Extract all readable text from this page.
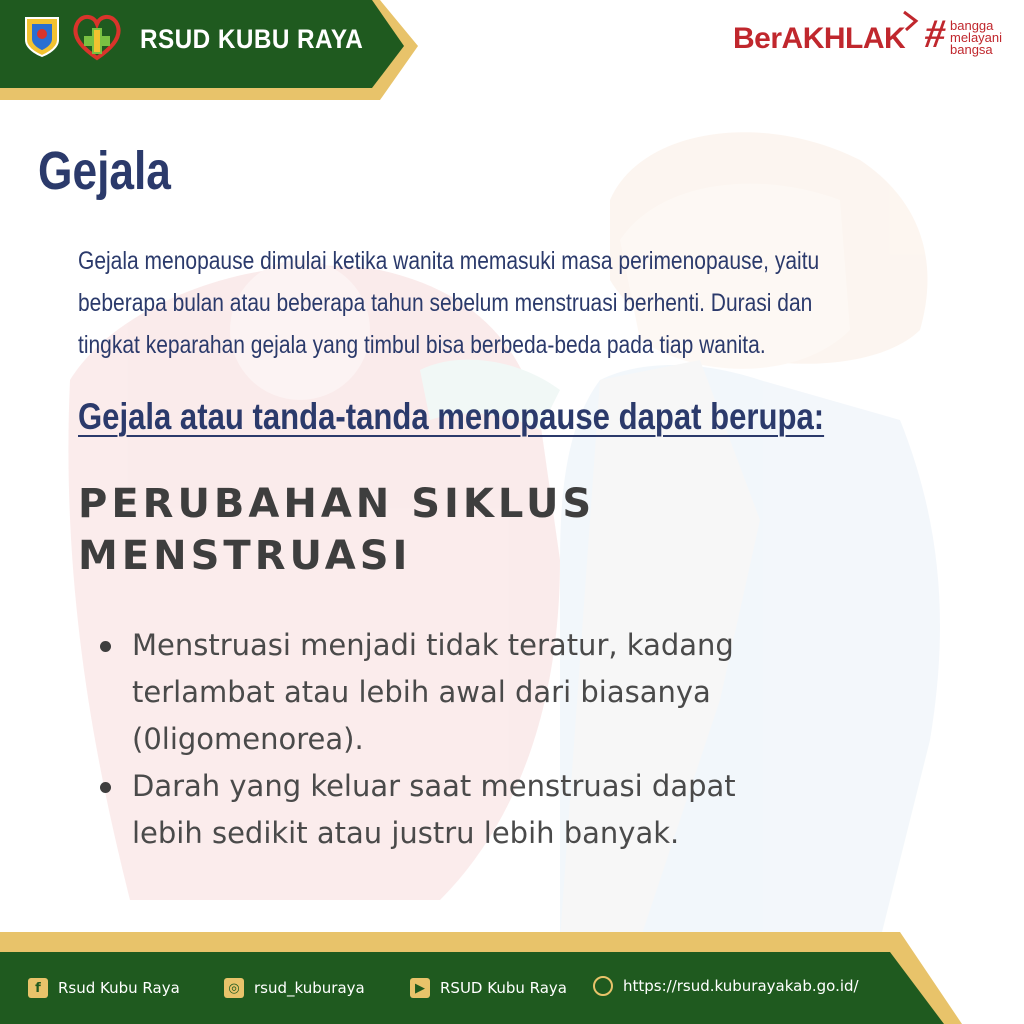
RSUD KUBU RAYA	BerAKHLAK # bangga
melayani
bangsa
Gejala
Gejala menopause dimulai ketika wanita memasuki masa perimenopause, yaitu
beberapa bulan atau beberapa tahun sebelum menstruasi berhenti. Durasi dan
tingkat keparahan gejala yang timbul bisa berbeda-beda pada tiap wanita.
Gejala atau tanda-tanda menopause dapat berupa:
PERUBAHAN SIKLUS
MENSTRUASI
Menstruasi menjadi tidak teratur, kadang
terlambat atau lebih awal dari biasanya
(0ligomenorea).
Darah yang keluar saat menstruasi dapat
lebih sedikit atau justru lebih banyak.
f	Rsud Kubu Raya	◎ rsud_kuburaya	▶	RSUD Kubu Raya	https://rsud.kuburayakab.go.id/
